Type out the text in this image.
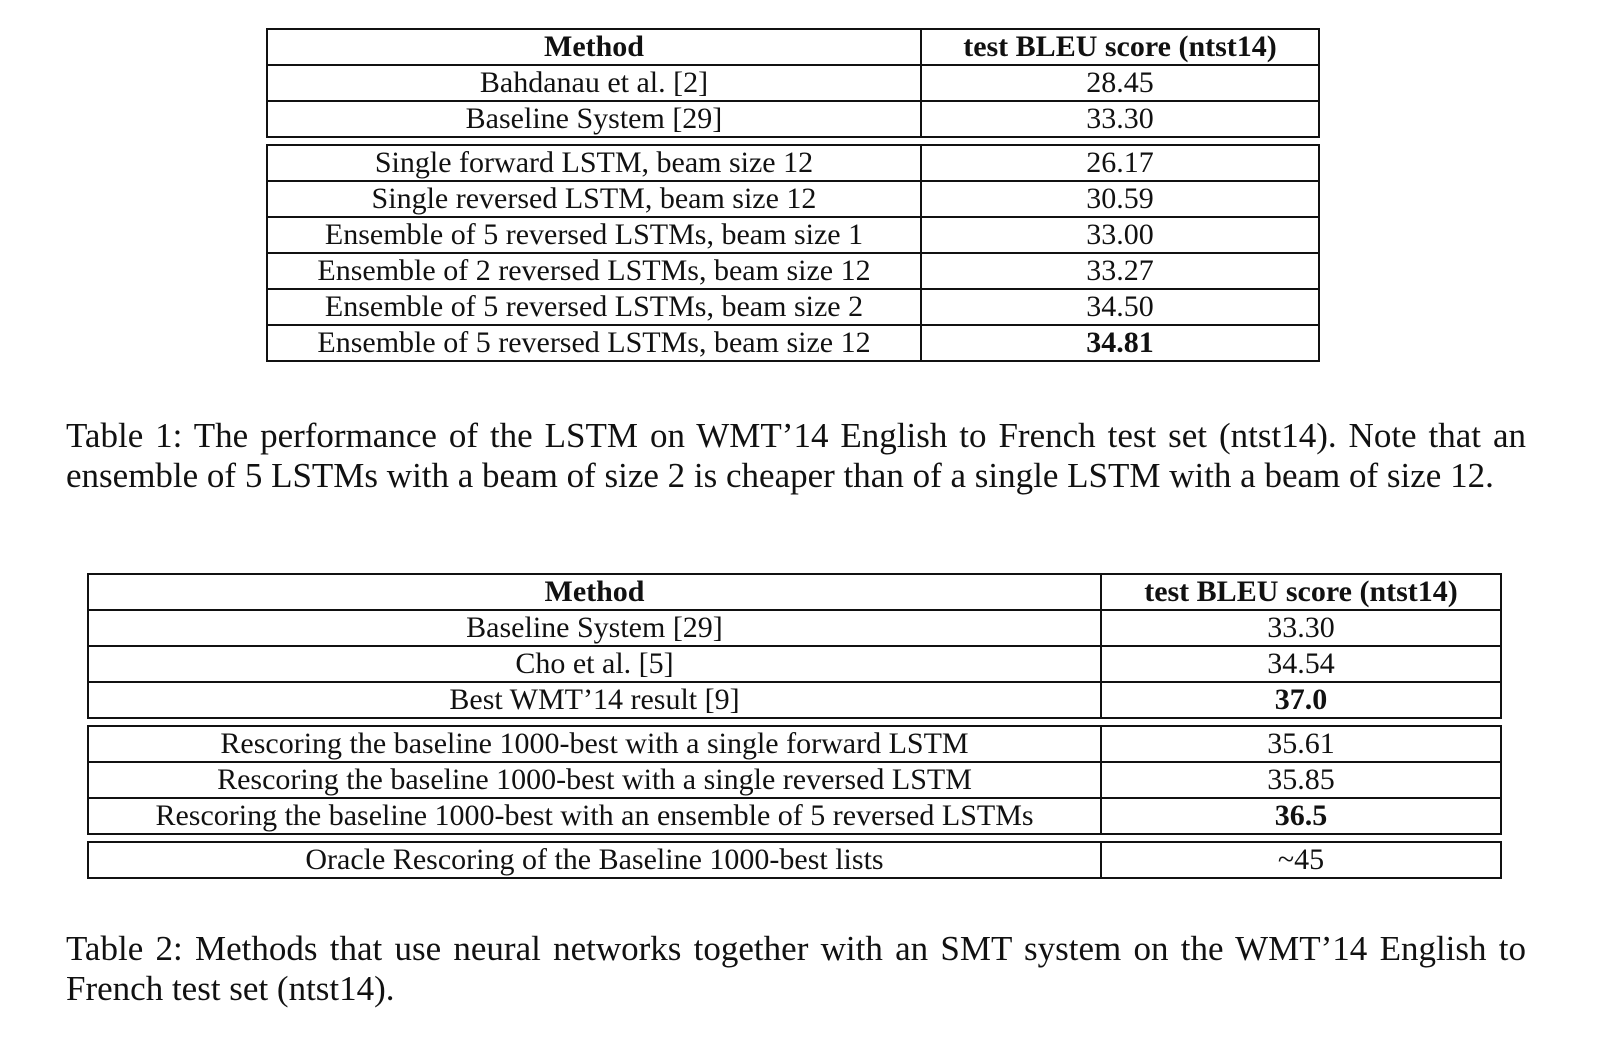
Method	test BLEU score (ntst14)
Bahdanau et al. [2]	28.45
Baseline System [29]	33.30
Single forward LSTM, beam size 12	26.17
Single reversed LSTM, beam size 12	30.59
Ensemble of 5 reversed LSTMs, beam size 1	33.00
Ensemble of 2 reversed LSTMs, beam size 12	33.27
Ensemble of 5 reversed LSTMs, beam size 2	34.50
Ensemble of 5 reversed LSTMs, beam size 12	34.81
Table 1: The performance of the LSTM on WMT’14 English to French test set (ntst14). Note that an ensemble of 5 LSTMs with a beam of size 2 is cheaper than of a single LSTM with a beam of size 12.
Method	test BLEU score (ntst14)
Baseline System [29]	33.30
Cho et al. [5]	34.54
Best WMT’14 result [9]	37.0
Rescoring the baseline 1000-best with a single forward LSTM	35.61
Rescoring the baseline 1000-best with a single reversed LSTM	35.85
Rescoring the baseline 1000-best with an ensemble of 5 reversed LSTMs	36.5
Oracle Rescoring of the Baseline 1000-best lists	~45
Table 2: Methods that use neural networks together with an SMT system on the WMT’14 English to French test set (ntst14).
